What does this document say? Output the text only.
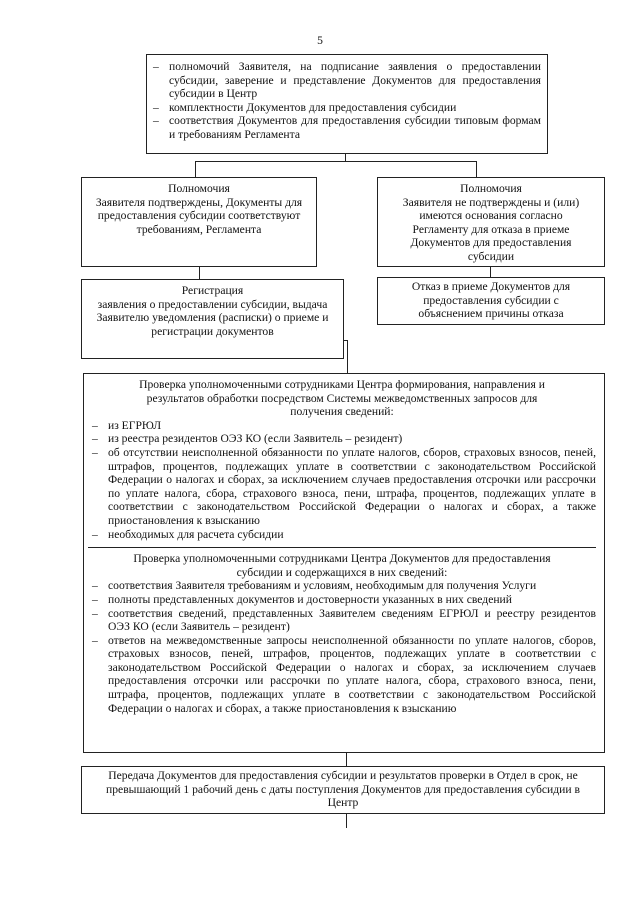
5
– полномочий Заявителя, на подписание заявления о предоставлении субсидии, заверение и представление Документов для предоставления субсидии в Центр
– комплектности Документов для предоставления субсидии
– соответствия Документов для предоставления субсидии типовым формам и требованиям Регламента

Полномочия

Заявителя подтверждены, Документы для предоставления субсидии соответствуют требованиям, Регламента

Полномочия

Заявителя не подтверждены и (или) имеются основания согласно Регламенту для отказа в приеме Документов для предоставления субсидии

Регистрация

заявления о предоставлении субсидии, выдача Заявителю уведомления (расписки) о приеме и регистрации документов

Отказ в приеме Документов для предоставления субсидии с объяснением причины отказа

Проверка уполномоченными сотрудниками Центра формирования, направления и результатов обработки посредством Системы межведомственных запросов для получения сведений:

– из ЕГРЮЛ
– из реестра резидентов ОЭЗ КО (если Заявитель – резидент)
– об отсутствии неисполненной обязанности по уплате налогов, сборов, страховых взносов, пеней, штрафов, процентов, подлежащих уплате в соответствии с законодательством Российской Федерации о налогах и сборах, за исключением случаев предоставления отсрочки или рассрочки по уплате налога, сбора, страхового взноса, пени, штрафа, процентов, подлежащих уплате в соответствии с законодательством Российской Федерации о налогах и сборах, а также приостановления к взысканию
– необходимых для расчета субсидии

Проверка уполномоченными сотрудниками Центра Документов для предоставления субсидии и содержащихся в них сведений:

– соответствия Заявителя требованиям и условиям, необходимым для получения Услуги
– полноты представленных документов и достоверности указанных в них сведений
– соответствия сведений, представленных Заявителем сведениям ЕГРЮЛ и реестру резидентов ОЭЗ КО (если Заявитель – резидент)
– ответов на межведомственные запросы неисполненной обязанности по уплате налогов, сборов, страховых взносов, пеней, штрафов, процентов, подлежащих уплате в соответствии с законодательством Российской Федерации о налогах и сборах, за исключением случаев предоставления отсрочки или рассрочки по уплате налога, сбора, страхового взноса, пени, штрафа, процентов, подлежащих уплате в соответствии с законодательством Российской Федерации о налогах и сборах, а также приостановления к взысканию

Передача Документов для предоставления субсидии и результатов проверки в Отдел в срок, не превышающий 1 рабочий день с даты поступления Документов для предоставления субсидии в Центр
